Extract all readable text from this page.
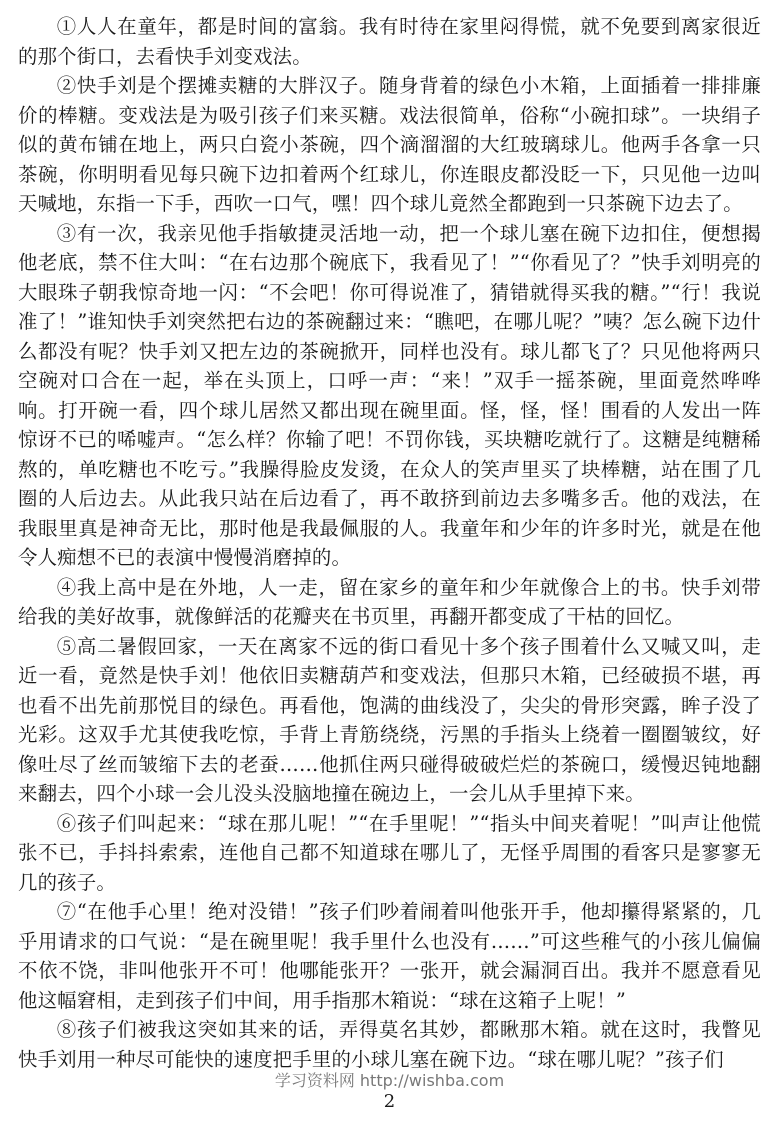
①人人在童年，都是时间的富翁。我有时待在家里闷得慌，就不免要到离家很近的那个街口，去看快手刘变戏法。

②快手刘是个摆摊卖糖的大胖汉子。随身背着的绿色小木箱，上面插着一排排廉价的棒糖。变戏法是为吸引孩子们来买糖。戏法很简单，俗称“小碗扣球”。一块绢子似的黄布铺在地上，两只白瓷小茶碗，四个滴溜溜的大红玻璃球儿。他两手各拿一只茶碗，你明明看见每只碗下边扣着两个红球儿，你连眼皮都没眨一下，只见他一边叫天喊地，东指一下手，西吹一口气，嘿！四个球儿竟然全都跑到一只茶碗下边去了。

③有一次，我亲见他手指敏捷灵活地一动，把一个球儿塞在碗下边扣住，便想揭他老底，禁不住大叫：“在右边那个碗底下，我看见了！”“你看见了？”快手刘明亮的大眼珠子朝我惊奇地一闪：“不会吧！你可得说准了，猜错就得买我的糖。”“行！我说准了！”谁知快手刘突然把右边的茶碗翻过来：“瞧吧，在哪儿呢？”咦？怎么碗下边什么都没有呢？快手刘又把左边的茶碗掀开，同样也没有。球儿都飞了？只见他将两只空碗对口合在一起，举在头顶上，口呼一声：“来！”双手一摇茶碗，里面竟然哗哗响。打开碗一看，四个球儿居然又都出现在碗里面。怪，怪，怪！围看的人发出一阵惊讶不已的唏嘘声。“怎么样？你输了吧！不罚你钱，买块糖吃就行了。这糖是纯糖稀熬的，单吃糖也不吃亏。”我臊得脸皮发烫，在众人的笑声里买了块棒糖，站在围了几圈的人后边去。从此我只站在后边看了，再不敢挤到前边去多嘴多舌。他的戏法，在我眼里真是神奇无比，那时他是我最佩服的人。我童年和少年的许多时光，就是在他令人痴想不已的表演中慢慢消磨掉的。

④我上高中是在外地，人一走，留在家乡的童年和少年就像合上的书。快手刘带给我的美好故事，就像鲜活的花瓣夹在书页里，再翻开都变成了干枯的回忆。

⑤高二暑假回家，一天在离家不远的街口看见十多个孩子围着什么又喊又叫，走近一看，竟然是快手刘！他依旧卖糖葫芦和变戏法，但那只木箱，已经破损不堪，再也看不出先前那悦目的绿色。再看他，饱满的曲线没了，尖尖的骨形突露，眸子没了光彩。这双手尤其使我吃惊，手背上青筋绕绕，污黑的手指头上绕着一圈圈皱纹，好像吐尽了丝而皱缩下去的老蚕……他抓住两只碰得破破烂烂的茶碗口，缓慢迟钝地翻来翻去，四个小球一会儿没头没脑地撞在碗边上，一会儿从手里掉下来。

⑥孩子们叫起来：“球在那儿呢！”“在手里呢！”“指头中间夹着呢！”叫声让他慌张不已，手抖抖索索，连他自己都不知道球在哪儿了，无怪乎周围的看客只是寥寥无几的孩子。

⑦“在他手心里！绝对没错！”孩子们吵着闹着叫他张开手，他却攥得紧紧的，几乎用请求的口气说：“是在碗里呢！我手里什么也没有……”可这些稚气的小孩儿偏偏不依不饶，非叫他张开不可！他哪能张开？一张开，就会漏洞百出。我并不愿意看见他这幅窘相，走到孩子们中间，用手指那木箱说：“球在这箱子上呢！”

⑧孩子们被我这突如其来的话，弄得莫名其妙，都瞅那木箱。就在这时，我瞥见快手刘用一种尽可能快的速度把手里的小球儿塞在碗下边。“球在哪儿呢？”孩子们

学习资料网 http://wishba.com
2
